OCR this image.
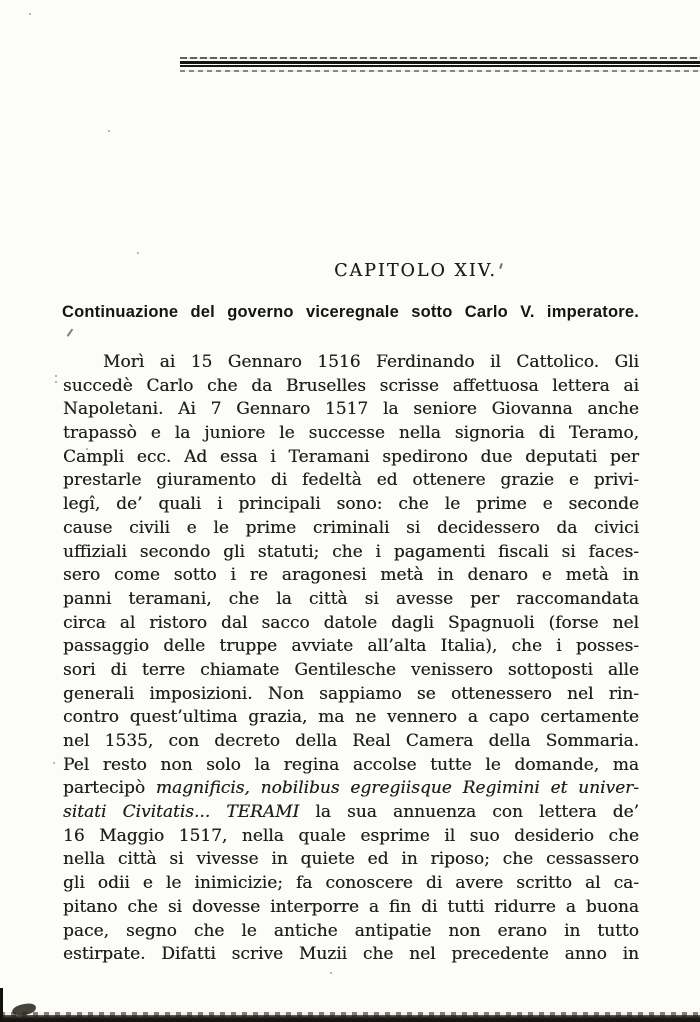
CAPITOLO XIV.
Continuazione del governo viceregnale sotto Carlo V. imperatore.
Morì ai 15 Gennaro 1516 Ferdinando il Cattolico. Gli
succedè Carlo che da Bruselles scrisse affettuosa lettera ai
Napoletani. Ai 7 Gennaro 1517 la seniore Giovanna anche
trapassò e la juniore le successe nella signoria di Teramo,
Campli ecc. Ad essa i Teramani spedirono due deputati per
prestarle giuramento di fedeltà ed ottenere grazie e privi-
legî, de’ quali i principali sono: che le prime e seconde
cause civili e le prime criminali si decidessero da civici
uffiziali secondo gli statuti; che i pagamenti fiscali si faces-
sero come sotto i re aragonesi metà in denaro e metà in
panni teramani, che la città si avesse per raccomandata
circa al ristoro dal sacco datole dagli Spagnuoli (forse nel
passaggio delle truppe avviate all’alta Italia), che i posses-
sori di terre chiamate Gentilesche venissero sottoposti alle
generali imposizioni. Non sappiamo se ottenessero nel rin-
contro quest’ultima grazia, ma ne vennero a capo certamente
nel 1535, con decreto della Real Camera della Sommaria.
Pel resto non solo la regina accolse tutte le domande, ma
partecipò magnificis, nobilibus egregiisque Regimini et univer-
sitati Civitatis... TERAMI la sua annuenza con lettera de’
16 Maggio 1517, nella quale esprime il suo desiderio che
nella città si vivesse in quiete ed in riposo; che cessassero
gli odii e le inimicizie; fa conoscere di avere scritto al ca-
pitano che si dovesse interporre a fin di tutti ridurre a buona
pace, segno che le antiche antipatie non erano in tutto
estirpate. Difatti scrive Muzii che nel precedente anno in
